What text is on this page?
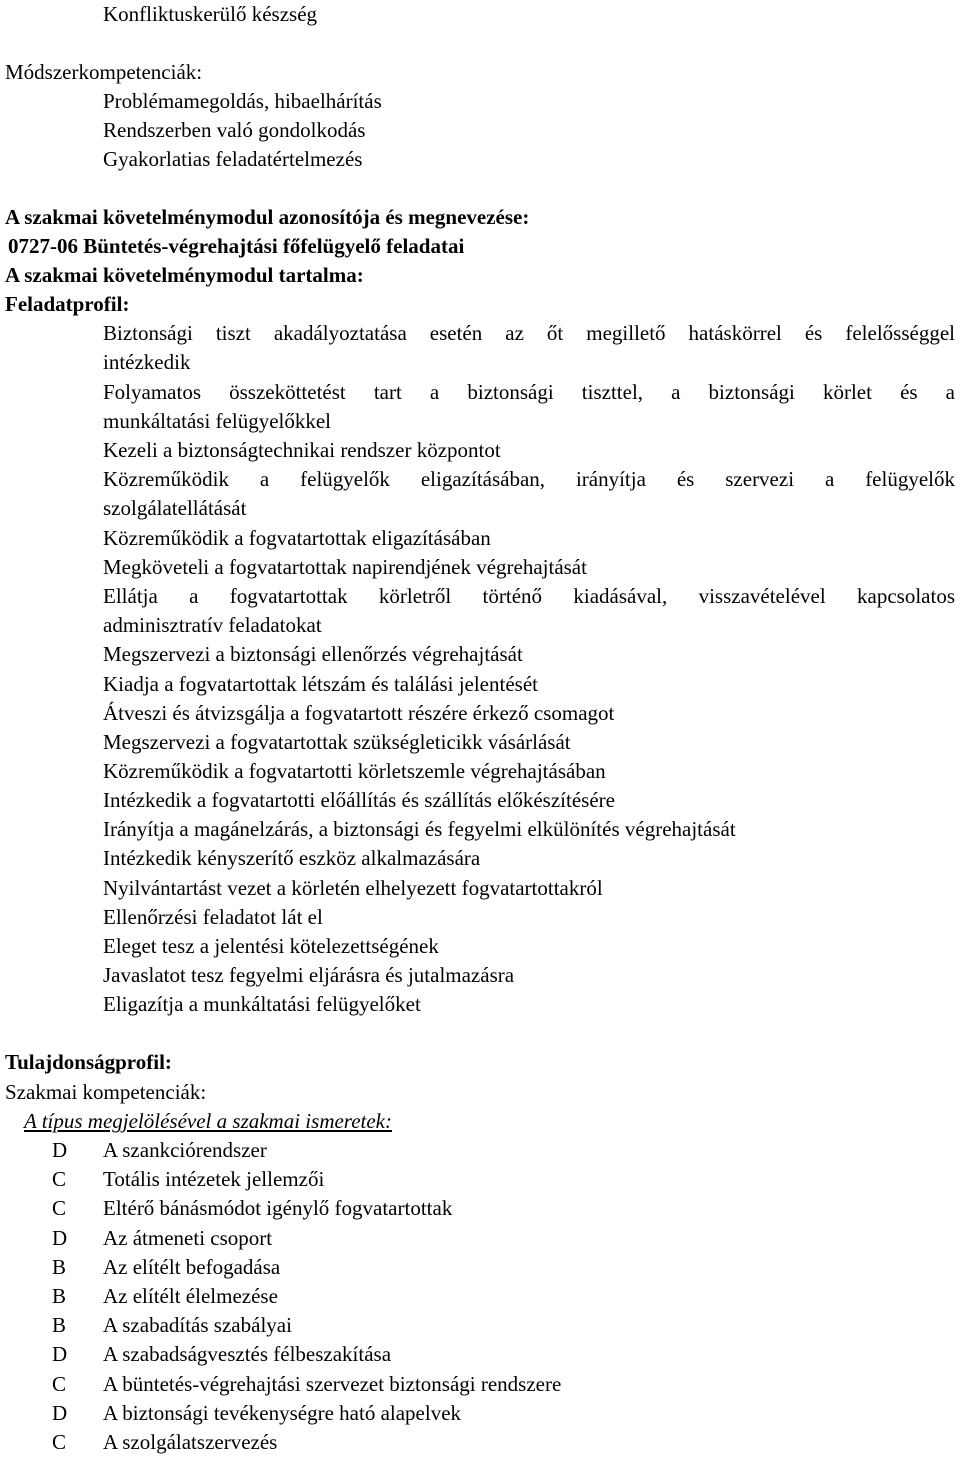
Konfliktuskerülő készség
Módszerkompetenciák:
Problémamegoldás, hibaelhárítás
Rendszerben való gondolkodás
Gyakorlatias feladatértelmezés
A szakmai követelménymodul azonosítója és megnevezése:
0727-06 Büntetés-végrehajtási főfelügyelő feladatai
A szakmai követelménymodul tartalma:
Feladatprofil:
Biztonsági tiszt akadályoztatása esetén az őt megillető hatáskörrel és felelősséggel
intézkedik
Folyamatos összeköttetést tart a biztonsági tiszttel, a biztonsági körlet és a
munkáltatási felügyelőkkel
Kezeli a biztonságtechnikai rendszer központot
Közreműködik a felügyelők eligazításában, irányítja és szervezi a felügyelők
szolgálatellátását
Közreműködik a fogvatartottak eligazításában
Megköveteli a fogvatartottak napirendjének végrehajtását
Ellátja a fogvatartottak körletről történő kiadásával, visszavételével kapcsolatos
adminisztratív feladatokat
Megszervezi a biztonsági ellenőrzés végrehajtását
Kiadja a fogvatartottak létszám és találási jelentését
Átveszi és átvizsgálja a fogvatartott részére érkező csomagot
Megszervezi a fogvatartottak szükségleticikk vásárlását
Közreműködik a fogvatartotti körletszemle végrehajtásában
Intézkedik a fogvatartotti előállítás és szállítás előkészítésére
Irányítja a magánelzárás, a biztonsági és fegyelmi elkülönítés végrehajtását
Intézkedik kényszerítő eszköz alkalmazására
Nyilvántartást vezet a körletén elhelyezett fogvatartottakról
Ellenőrzési feladatot lát el
Eleget tesz a jelentési kötelezettségének
Javaslatot tesz fegyelmi eljárásra és jutalmazásra
Eligazítja a munkáltatási felügyelőket
Tulajdonságprofil:
Szakmai kompetenciák:
A típus megjelölésével a szakmai ismeretek:
D	A szankciórendszer
C	Totális intézetek jellemzői
C	Eltérő bánásmódot igénylő fogvatartottak
D	Az átmeneti csoport
B	Az elítélt befogadása
B	Az elítélt élelmezése
B	A szabadítás szabályai
D	A szabadságvesztés félbeszakítása
C	A büntetés-végrehajtási szervezet biztonsági rendszere
D	A biztonsági tevékenységre ható alapelvek
C	A szolgálatszervezés
